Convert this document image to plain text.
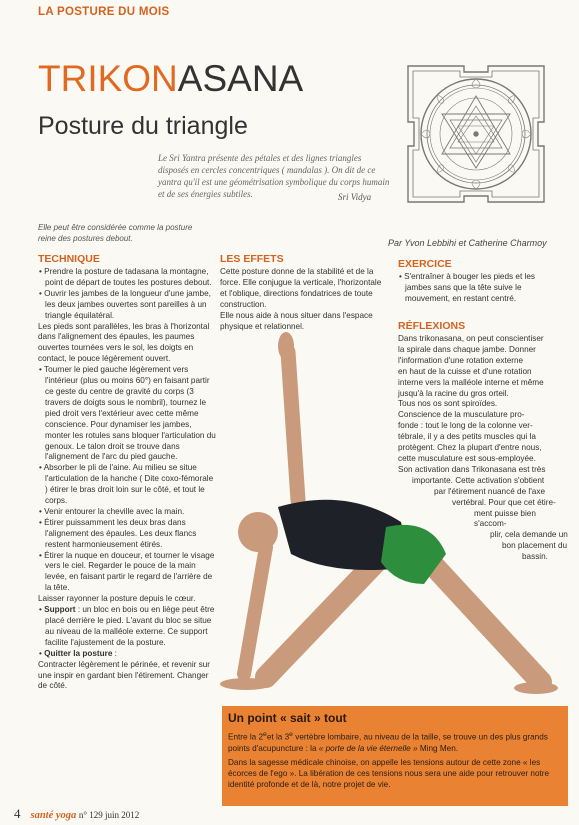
LA POSTURE DU MOIS
TRIKONASANA
Posture du triangle
Le Sri Yantra présente des pétales et des lignes triangles disposés en cercles concentriques ( mandalas ). On dit de ce yantra qu'il est une géométrisation symbolique du corps humain et de ses énergies subtiles.	Sri Vidya
Elle peut être considérée comme la posture reine des postures debout.	Par Yvon Lebbihi et Catherine Charmoy
TECHNIQUE

• Prendre la posture de tadasana la montagne, point de départ de toutes les postures debout.

• Ouvrir les jambes de la longueur d'une jambe, les deux jambes ouvertes sont pareilles à un triangle équilatéral.

Les pieds sont parallèles, les bras à l'horizontal dans l'alignement des épaules, les paumes ouvertes tournées vers le sol, les doigts en contact, le pouce légèrement ouvert.

• Tourner le pied gauche légèrement vers l'intérieur (plus ou moins 60°) en faisant partir ce geste du centre de gravité du corps (3 travers de doigts sous le nombril), tournez le pied droit vers l'extérieur avec cette même conscience. Pour dynamiser les jambes, monter les rotules sans bloquer l'articulation du genoux. Le talon droit se trouve dans l'alignement de l'arc du pied gauche.

• Absorber le pli de l'aine. Au milieu se situe l'articulation de la hanche ( Dite coxo-fémorale ) étirer le bras droit loin sur le côté, et tout le corps.

• Venir entourer la cheville avec la main.

• Étirer puissamment les deux bras dans l'alignement des épaules. Les deux flancs restent harmonieusement étirés.

• Étirer la nuque en douceur, et tourner le visage vers le ciel. Regarder le pouce de la main levée, en faisant partir le regard de l'arrière de la tête.

Laisser rayonner la posture depuis le cœur.

• Support : un bloc en bois ou en liège peut être placé derrière le pied. L'avant du bloc se situe au niveau de la malléole externe. Ce support facilite l'ajustement de la posture.

• Quitter la posture :

Contracter légèrement le périnée, et revenir sur une inspir en gardant bien l'étirement. Changer de côté.

LES EFFETS

Cette posture donne de la stabilité et de la force. Elle conjugue la verticale, l'horizontale et l'oblique, directions fondatrices de toute construction.

Elle nous aide à nous situer dans l'espace physique et relationnel.

EXERCICE
• S'entraîner à bouger les pieds et les jambes sans que la tête suive le mouvement, en restant centré.
RÉFLEXIONS
Dans trikonasana, on peut conscientiser
la spirale dans chaque jambe. Donner
l'information d'une rotation externe
en haut de la cuisse et d'une rotation
interne vers la malléole interne et même
jusqu'à la racine du gros orteil.
Tous nos os sont spiroïdes.
Conscience de la musculature pro-
fonde : tout le long de la colonne ver-
tébrale, il y a des petits muscles qui la
protègent. Chez la plupart d'entre nous,
cette musculature est sous-employée.
Son activation dans Trikonasana est très
importante. Cette activation s'obtient
par l'étirement nuancé de l'axe
vertébral. Pour que cet étire-
ment puisse bien s'accom-
plir, cela demande un
bon placement du
bassin.
Un point « sait » tout

Entre la 2eet la 3e vertèbre lombaire, au niveau de la taille, se trouve un des plus grands points d'acupuncture : la « porte de la vie éternelle » Ming Men.

Dans la sagesse médicale chinoise, on appelle les tensions autour de cette zone « les écorces de l'ego ». La libération de ces tensions nous sera une aide pour retrouver notre identité profonde et de là, notre projet de vie.

4 santé yoga n° 129 juin 2012
